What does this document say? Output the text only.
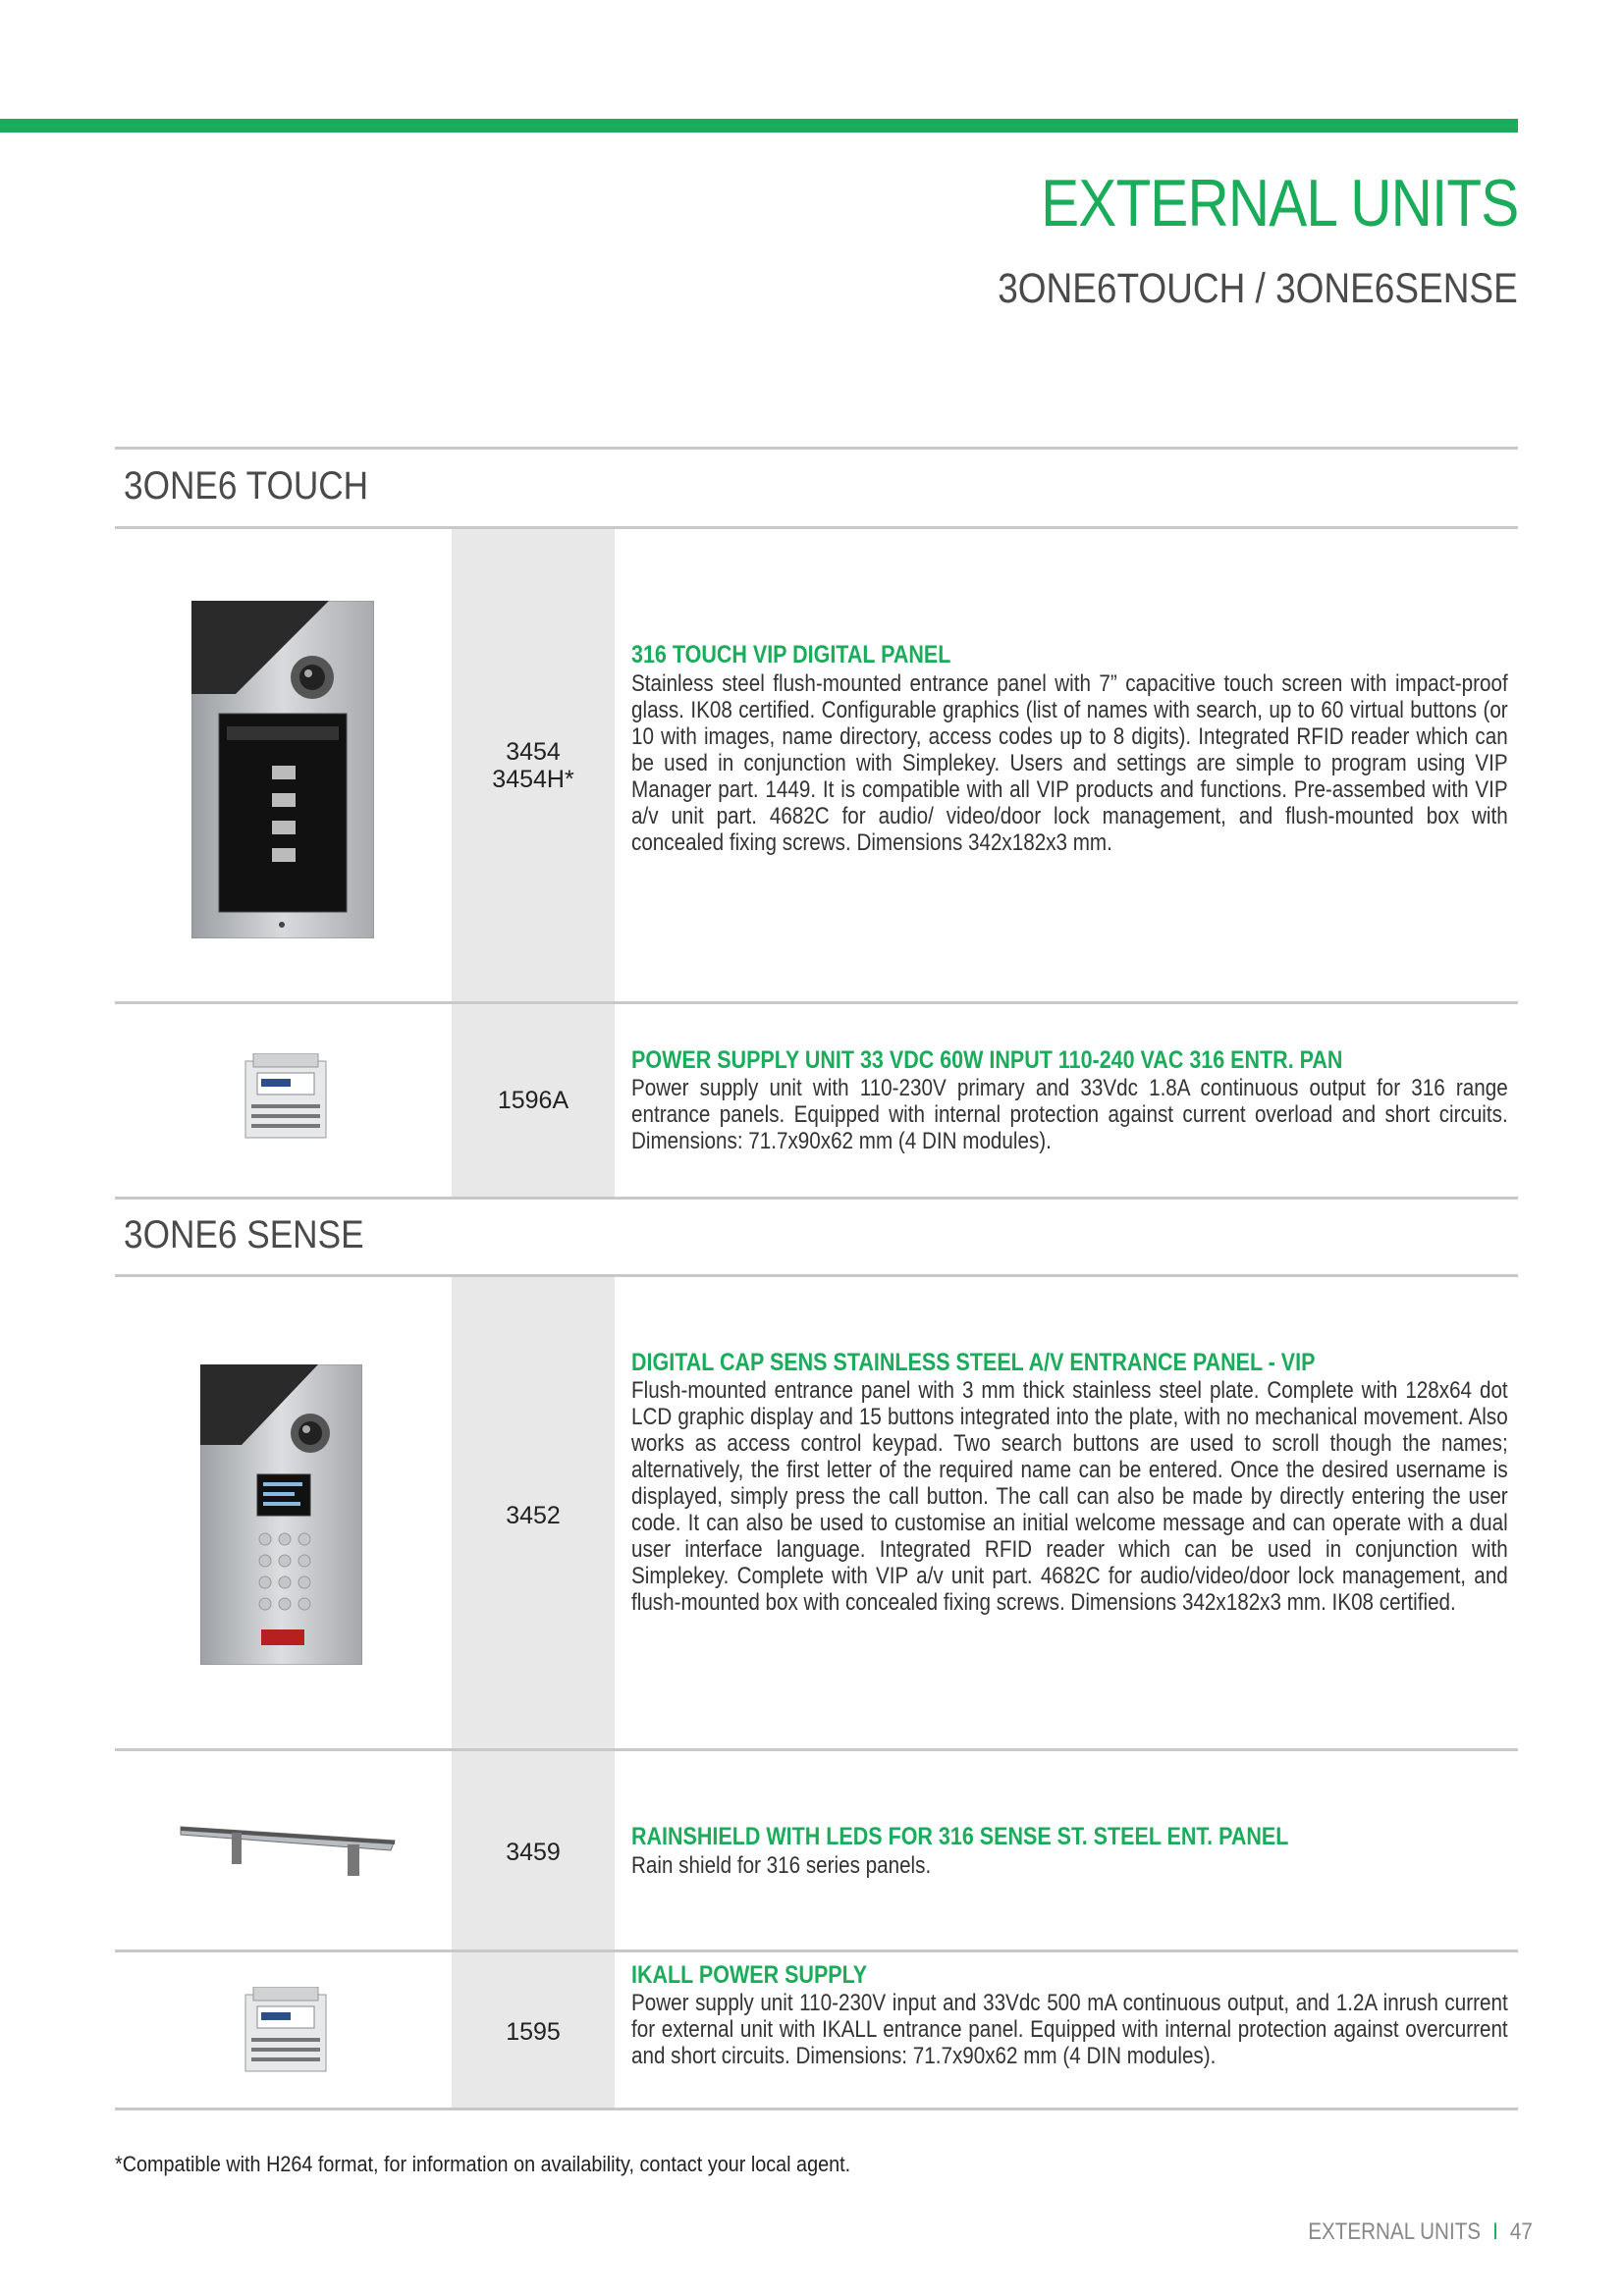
EXTERNAL UNITS
3ONE6TOUCH / 3ONE6SENSE
3ONE6 TOUCH
3ONE6 SENSE
3454
3454H*
316 TOUCH VIP DIGITAL PANEL
Stainless steel flush-mounted entrance panel with 7” capacitive touch screen with impact-proof glass. IK08 certified. Configurable graphics (list of names with search, up to 60 virtual buttons (or 10 with images, name directory, access codes up to 8 digits). Integrated RFID reader which can be used in conjunction with Simplekey. Users and settings are simple to program using VIP Manager part. 1449. It is compatible with all VIP products and functions. Pre-assembed with VIP a/v unit part. 4682C for audio/ video/door lock management, and flush-mounted box with concealed fixing screws. Dimensions 342x182x3 mm.
1596A
POWER SUPPLY UNIT 33 VDC 60W INPUT 110-240 VAC 316 ENTR. PAN
Power supply unit with 110-230V primary and 33Vdc 1.8A continuous output for 316 range entrance panels. Equipped with internal protection against current overload and short circuits. Dimensions: 71.7x90x62 mm (4 DIN modules).
3452
DIGITAL CAP SENS STAINLESS STEEL A/V ENTRANCE PANEL - VIP
Flush-mounted entrance panel with 3 mm thick stainless steel plate. Complete with 128x64 dot LCD graphic display and 15 buttons integrated into the plate, with no mechanical movement. Also works as access control keypad. Two search buttons are used to scroll though the names; alternatively, the first letter of the required name can be entered. Once the desired username is displayed, simply press the call button. The call can also be made by directly entering the user code. It can also be used to customise an initial welcome message and can operate with a dual user interface language. Integrated RFID reader which can be used in conjunction with Simplekey. Complete with VIP a/v unit part. 4682C for audio/video/door lock management, and flush-mounted box with concealed fixing screws. Dimensions 342x182x3 mm. IK08 certified.
3459
RAINSHIELD WITH LEDS FOR 316 SENSE ST. STEEL ENT. PANEL
Rain shield for 316 series panels.
1595
IKALL POWER SUPPLY
Power supply unit 110-230V input and 33Vdc 500 mA continuous output, and 1.2A inrush current for external unit with IKALL entrance panel. Equipped with internal protection against overcurrent and short circuits. Dimensions: 71.7x90x62 mm (4 DIN modules).
*Compatible with H264 format, for information on availability, contact your local agent.
EXTERNAL UNITS I 47
